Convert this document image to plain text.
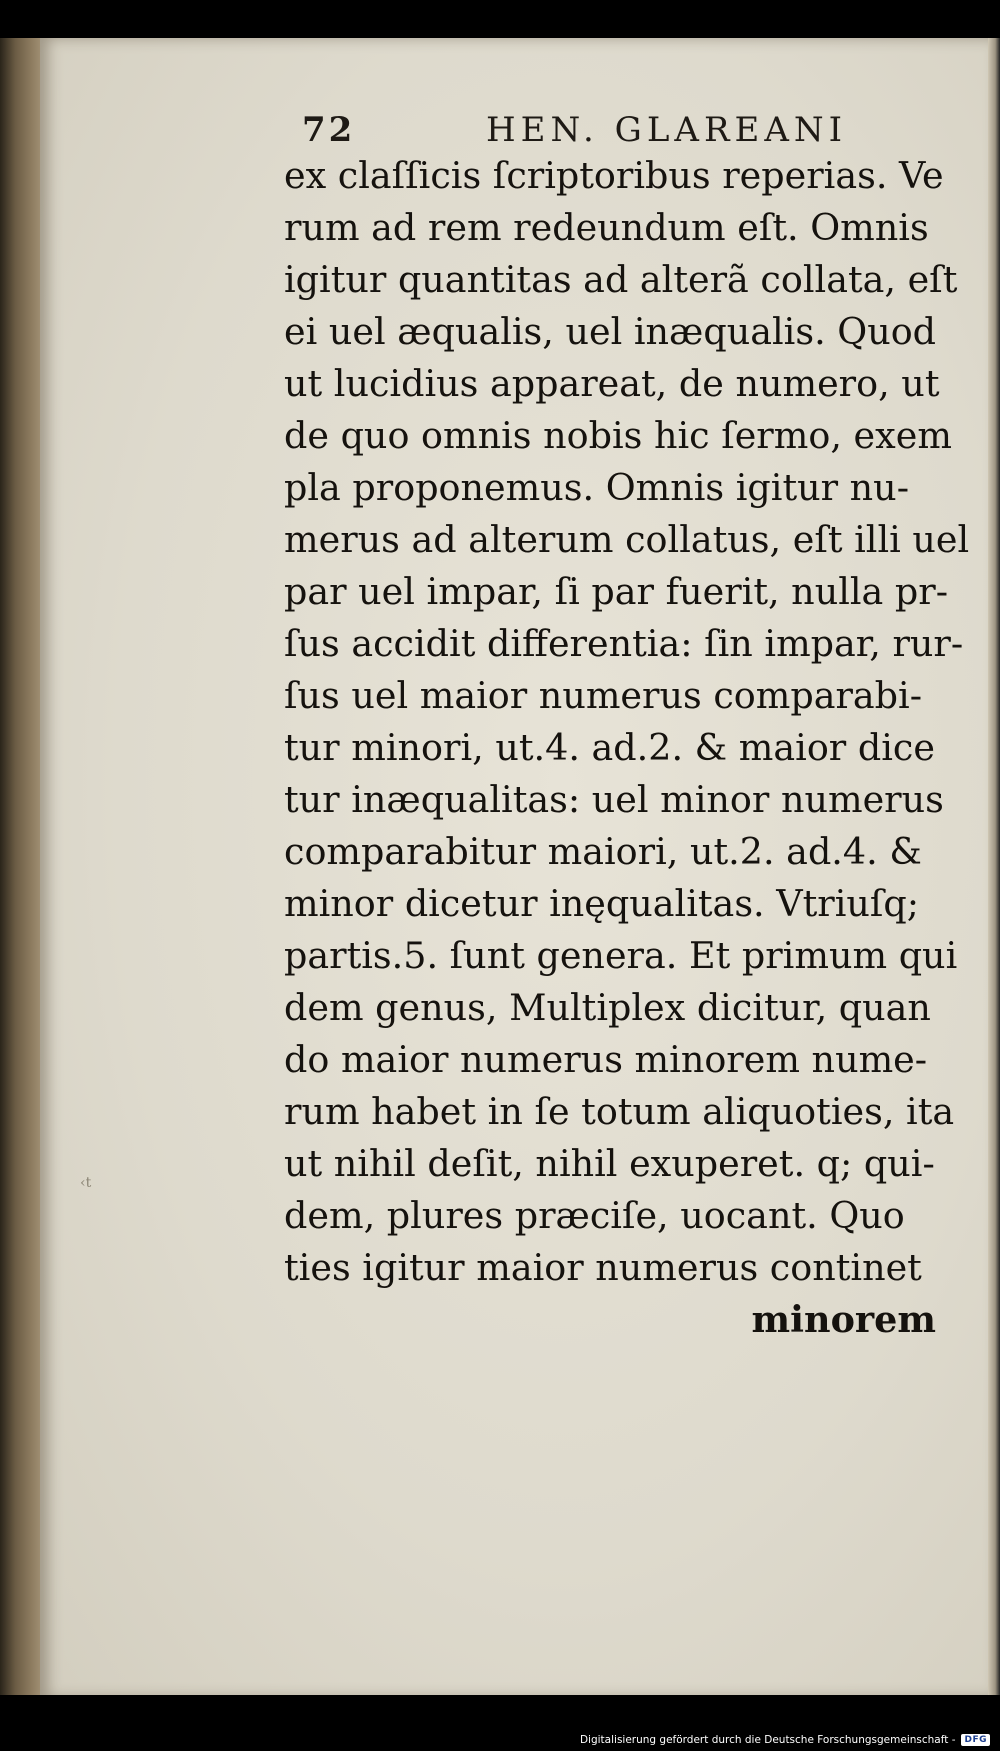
72	HEN. GLAREANI
ex claſſicis ſcriptoribus reperias. Ve
rum ad rem redeundum eſt. Omnis
igitur quantitas ad alterã collata, eſt
ei uel æqualis, uel inæqualis. Quod
ut lucidius appareat, de numero, ut
de quo omnis nobis hic ſermo, exem
pla proponemus. Omnis igitur nu-
merus ad alterum collatus, eſt illi uel
par uel impar, ſi par fuerit, nulla pr-
ſus accidit differentia: ſin impar, rur-
ſus uel maior numerus comparabi-
tur minori, ut.4. ad.2. & maior dice
tur inæqualitas: uel minor numerus
comparabitur maiori, ut.2. ad.4. &
minor dicetur inęqualitas. Vtriuſq;
partis.5. ſunt genera. Et primum qui
dem genus, Multiplex dicitur, quan
do maior numerus minorem nume-
rum habet in ſe totum aliquoties, ita
ut nihil deſit, nihil exuperet. q; qui-
dem, plures præciſe, uocant. Quo
ties igitur maior numerus continet
minorem
‹t
Digitalisierung gefördert durch die Deutsche Forschungsgemeinschaft -	DFG
